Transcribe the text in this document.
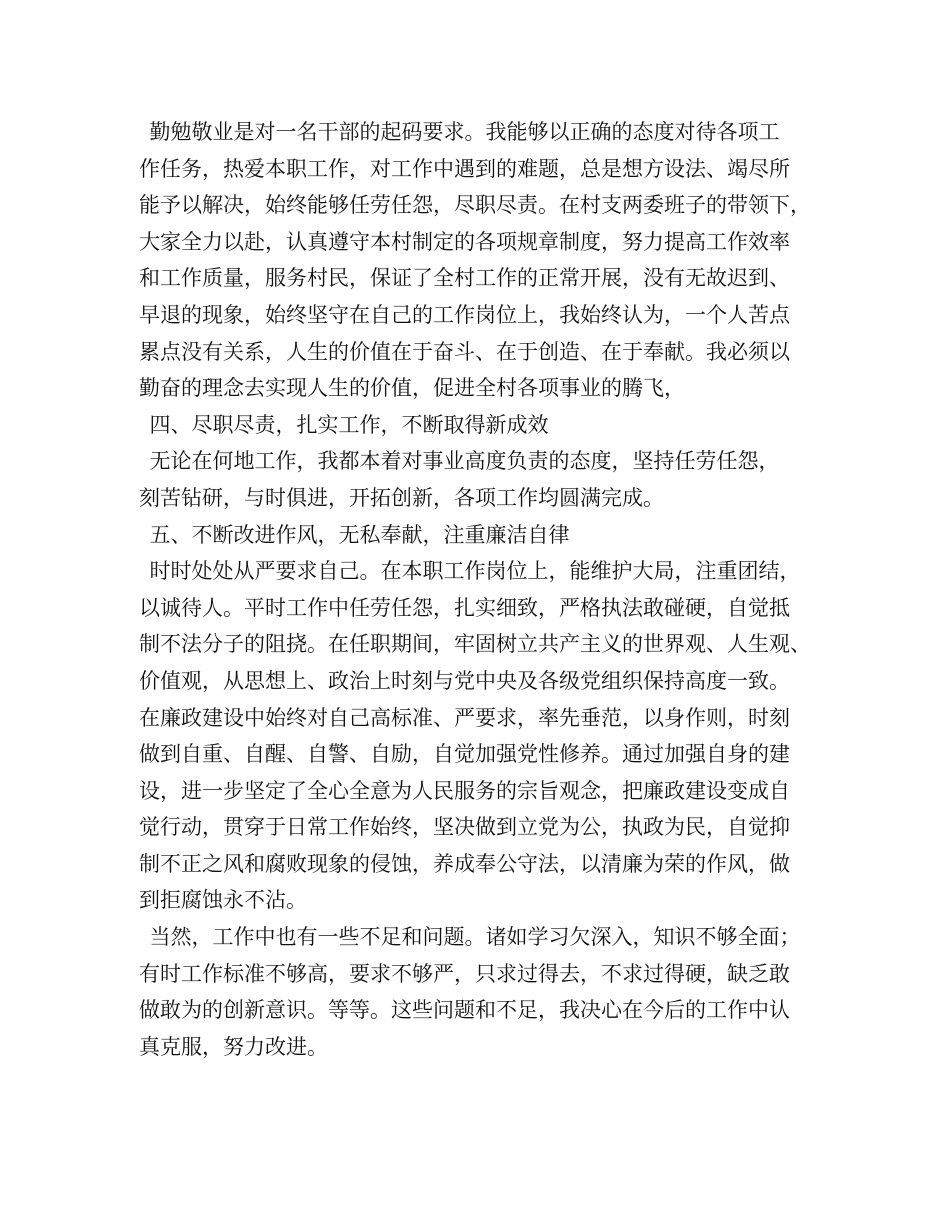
勤勉敬业是对一名干部的起码要求。我能够以正确的态度对待各项工
作任务，热爱本职工作，对工作中遇到的难题，总是想方设法、竭尽所
能予以解决，始终能够任劳任怨，尽职尽责。在村支两委班子的带领下，
大家全力以赴，认真遵守本村制定的各项规章制度，努力提高工作效率
和工作质量，服务村民，保证了全村工作的正常开展，没有无故迟到、
早退的现象，始终坚守在自己的工作岗位上，我始终认为，一个人苦点
累点没有关系，人生的价值在于奋斗、在于创造、在于奉献。我必须以
勤奋的理念去实现人生的价值，促进全村各项事业的腾飞，
四、尽职尽责，扎实工作，不断取得新成效
无论在何地工作，我都本着对事业高度负责的态度，坚持任劳任怨，
刻苦钻研，与时俱进，开拓创新，各项工作均圆满完成。
五、不断改进作风，无私奉献，注重廉洁自律
时时处处从严要求自己。在本职工作岗位上，能维护大局，注重团结，
以诚待人。平时工作中任劳任怨，扎实细致，严格执法敢碰硬，自觉抵
制不法分子的阻挠。在任职期间，牢固树立共产主义的世界观、人生观、
价值观，从思想上、政治上时刻与党中央及各级党组织保持高度一致。
在廉政建设中始终对自己高标准、严要求，率先垂范，以身作则，时刻
做到自重、自醒、自警、自励，自觉加强党性修养。通过加强自身的建
设，进一步坚定了全心全意为人民服务的宗旨观念，把廉政建设变成自
觉行动，贯穿于日常工作始终，坚决做到立党为公，执政为民，自觉抑
制不正之风和腐败现象的侵蚀，养成奉公守法，以清廉为荣的作风，做
到拒腐蚀永不沾。
当然，工作中也有一些不足和问题。诸如学习欠深入，知识不够全面；
有时工作标准不够高，要求不够严，只求过得去，不求过得硬，缺乏敢
做敢为的创新意识。等等。这些问题和不足，我决心在今后的工作中认
真克服，努力改进。
